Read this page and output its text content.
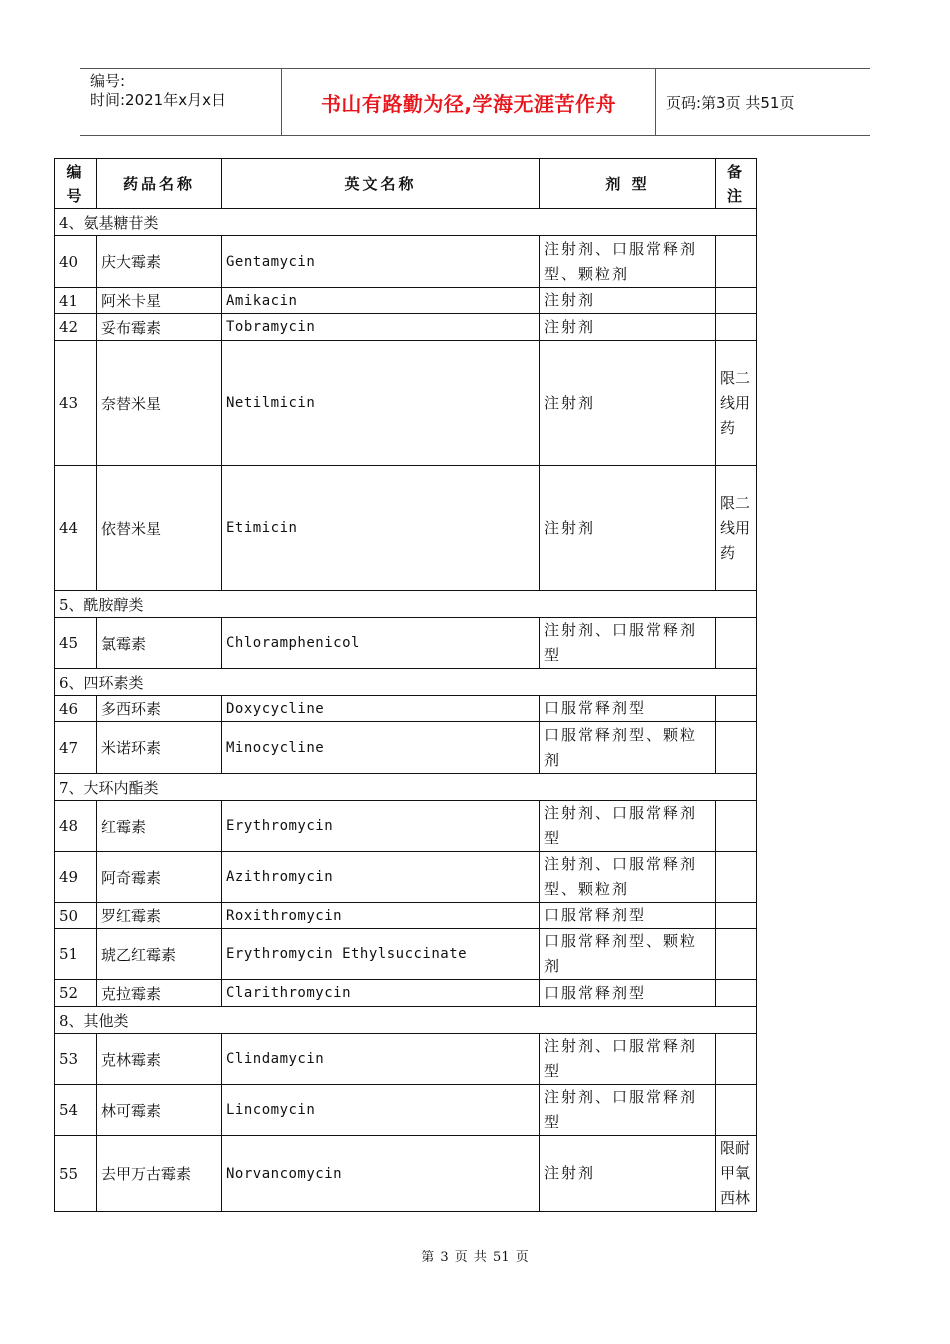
编号:
时间:2021年x月x日	书山有路勤为径,学海无涯苦作舟	页码:第3页 共51页
编号	药品名称	英文名称	剂 型	备注
4、氨基糖苷类				
40	庆大霉素	Gentamycin	注射剂、口服常释剂型、颗粒剂	
41	阿米卡星	Amikacin	注射剂	
42	妥布霉素	Tobramycin	注射剂	
43	奈替米星	Netilmicin	注射剂	限二线用药
44	依替米星	Etimicin	注射剂	限二线用药
5、酰胺醇类				
45	氯霉素	Chloramphenicol	注射剂、口服常释剂型	
6、四环素类				
46	多西环素	Doxycycline	口服常释剂型	
47	米诺环素	Minocycline	口服常释剂型、颗粒剂	
7、大环内酯类				
48	红霉素	Erythromycin	注射剂、口服常释剂型	
49	阿奇霉素	Azithromycin	注射剂、口服常释剂型、颗粒剂	
50	罗红霉素	Roxithromycin	口服常释剂型	
51	琥乙红霉素	Erythromycin Ethylsuccinate	口服常释剂型、颗粒剂	
52	克拉霉素	Clarithromycin	口服常释剂型	
8、其他类				
53	克林霉素	Clindamycin	注射剂、口服常释剂型	
54	林可霉素	Lincomycin	注射剂、口服常释剂型	
55	去甲万古霉素	Norvancomycin	注射剂	限耐甲氧西林
第 3 页 共 51 页
